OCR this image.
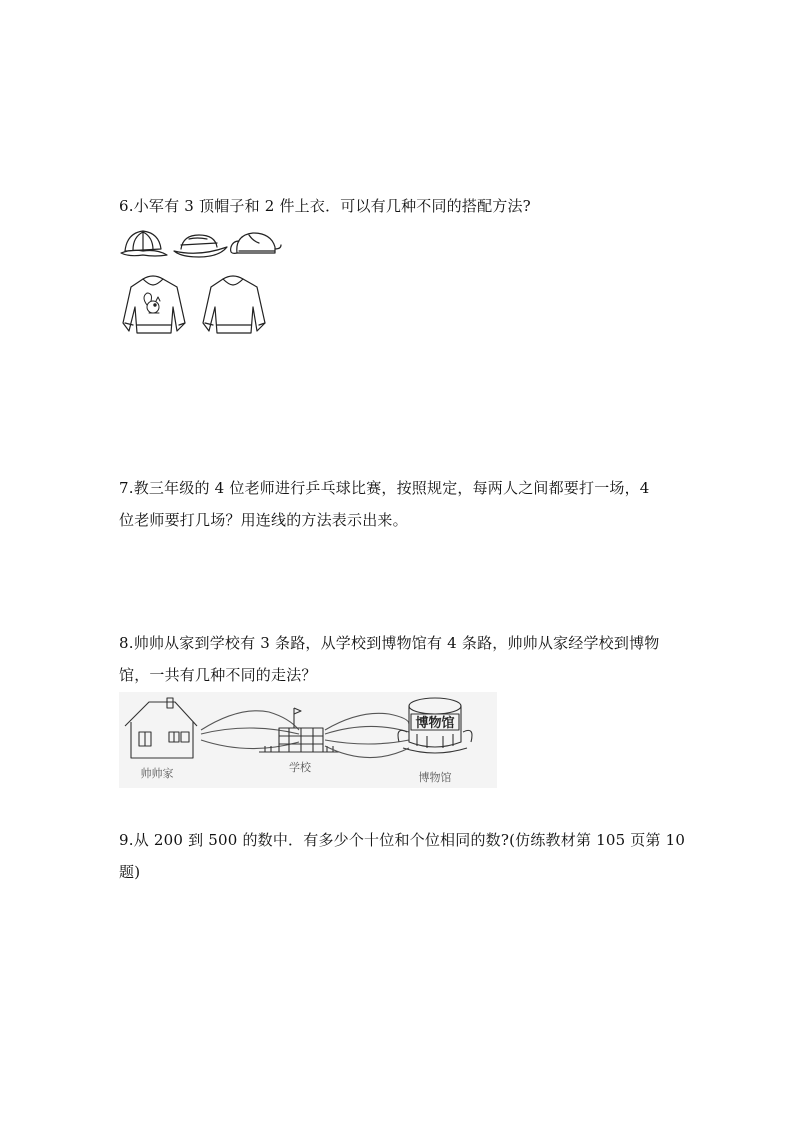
6.小军有 3 顶帽子和 2 件上衣．可以有几种不同的搭配方法?
7.教三年级的 4 位老师进行乒乓球比赛，按照规定，每两人之间都要打一场，4
位老师要打几场？用连线的方法表示出来。
8.帅帅从家到学校有 3 条路，从学校到博物馆有 4 条路，帅帅从家经学校到博物
馆，一共有几种不同的走法？
博物馆
帅帅家	学校
博物馆
9.从 200 到 500 的数中．有多少个十位和个位相同的数?(仿练教材第 105 页第 10
题)
